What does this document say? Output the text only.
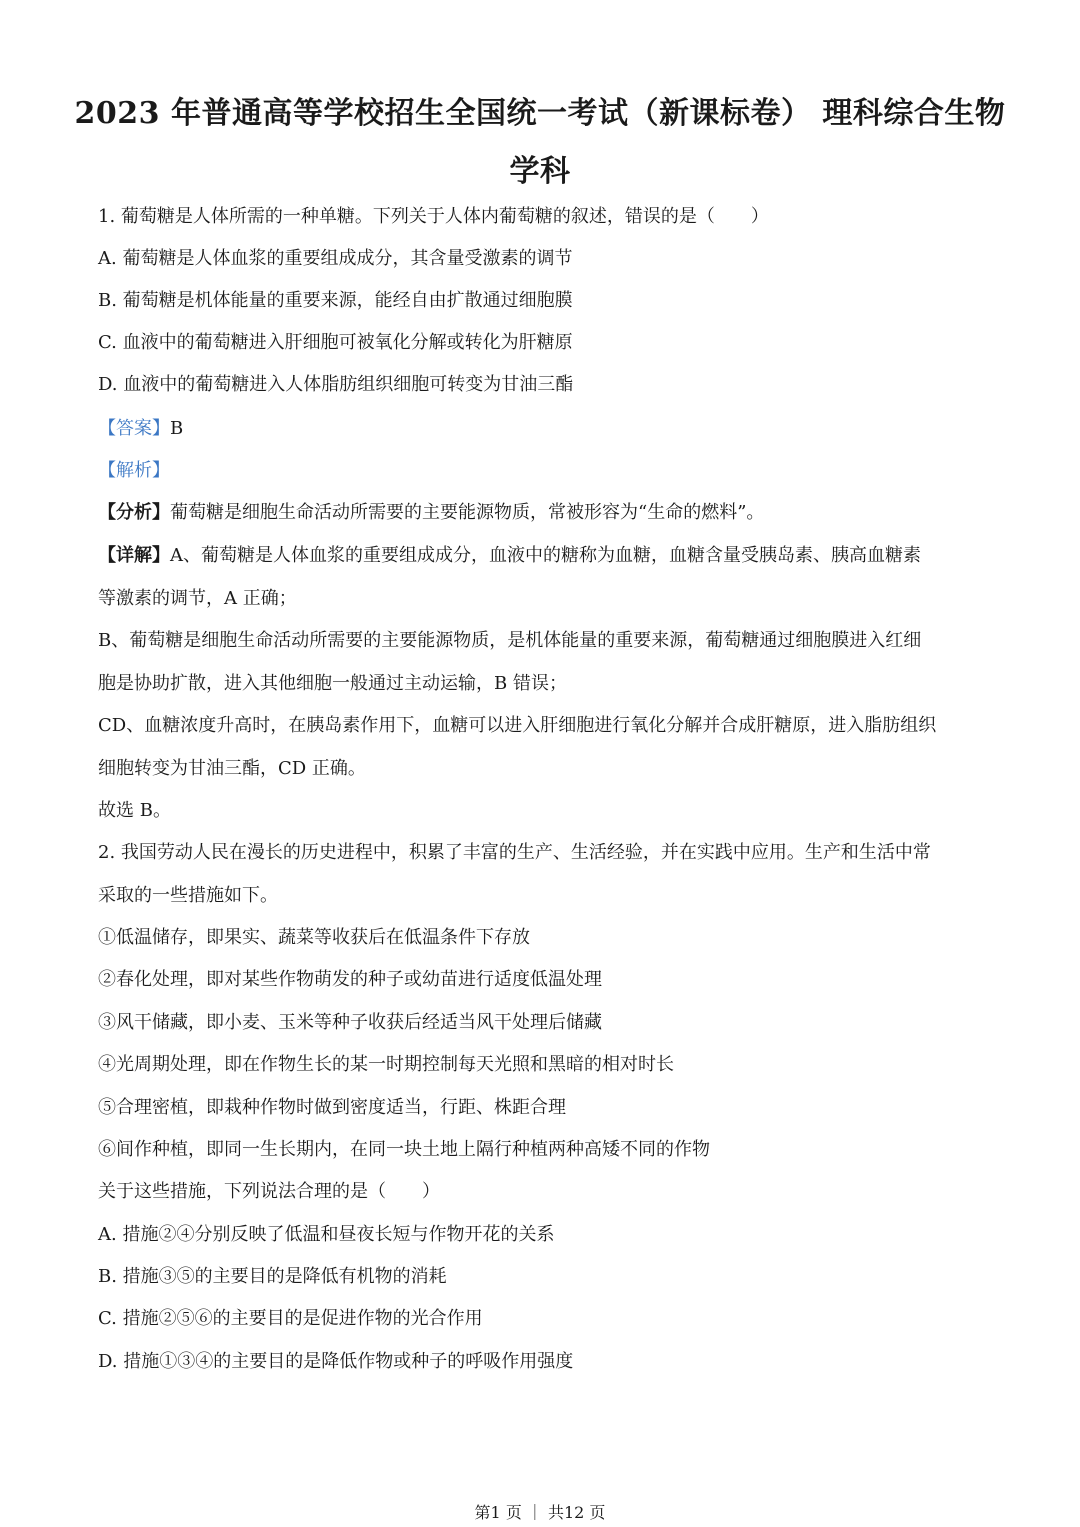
2023 年普通高等学校招生全国统一考试（新课标卷） 理科综合生物
学科
1. 葡萄糖是人体所需的一种单糖。下列关于人体内葡萄糖的叙述，错误的是（　　）
A. 葡萄糖是人体血浆的重要组成成分，其含量受激素的调节
B. 葡萄糖是机体能量的重要来源，能经自由扩散通过细胞膜
C. 血液中的葡萄糖进入肝细胞可被氧化分解或转化为肝糖原
D. 血液中的葡萄糖进入人体脂肪组织细胞可转变为甘油三酯
【答案】B
【解析】
【分析】葡萄糖是细胞生命活动所需要的主要能源物质，常被形容为“生命的燃料”。
【详解】A、葡萄糖是人体血浆的重要组成成分，血液中的糖称为血糖，血糖含量受胰岛素、胰高血糖素
等激素的调节，A 正确；
B、葡萄糖是细胞生命活动所需要的主要能源物质，是机体能量的重要来源，葡萄糖通过细胞膜进入红细
胞是协助扩散，进入其他细胞一般通过主动运输，B 错误；
CD、血糖浓度升高时，在胰岛素作用下，血糖可以进入肝细胞进行氧化分解并合成肝糖原，进入脂肪组织
细胞转变为甘油三酯，CD 正确。
故选 B。
2. 我国劳动人民在漫长的历史进程中，积累了丰富的生产、生活经验，并在实践中应用。生产和生活中常
采取的一些措施如下。
①低温储存，即果实、蔬菜等收获后在低温条件下存放
②春化处理，即对某些作物萌发的种子或幼苗进行适度低温处理
③风干储藏，即小麦、玉米等种子收获后经适当风干处理后储藏
④光周期处理，即在作物生长的某一时期控制每天光照和黑暗的相对时长
⑤合理密植，即栽种作物时做到密度适当，行距、株距合理
⑥间作种植，即同一生长期内，在同一块土地上隔行种植两种高矮不同的作物
关于这些措施，下列说法合理的是（　　）
A. 措施②④分别反映了低温和昼夜长短与作物开花的关系
B. 措施③⑤的主要目的是降低有机物的消耗
C. 措施②⑤⑥的主要目的是促进作物的光合作用
D. 措施①③④的主要目的是降低作物或种子的呼吸作用强度
第1 页 ｜ 共12 页
